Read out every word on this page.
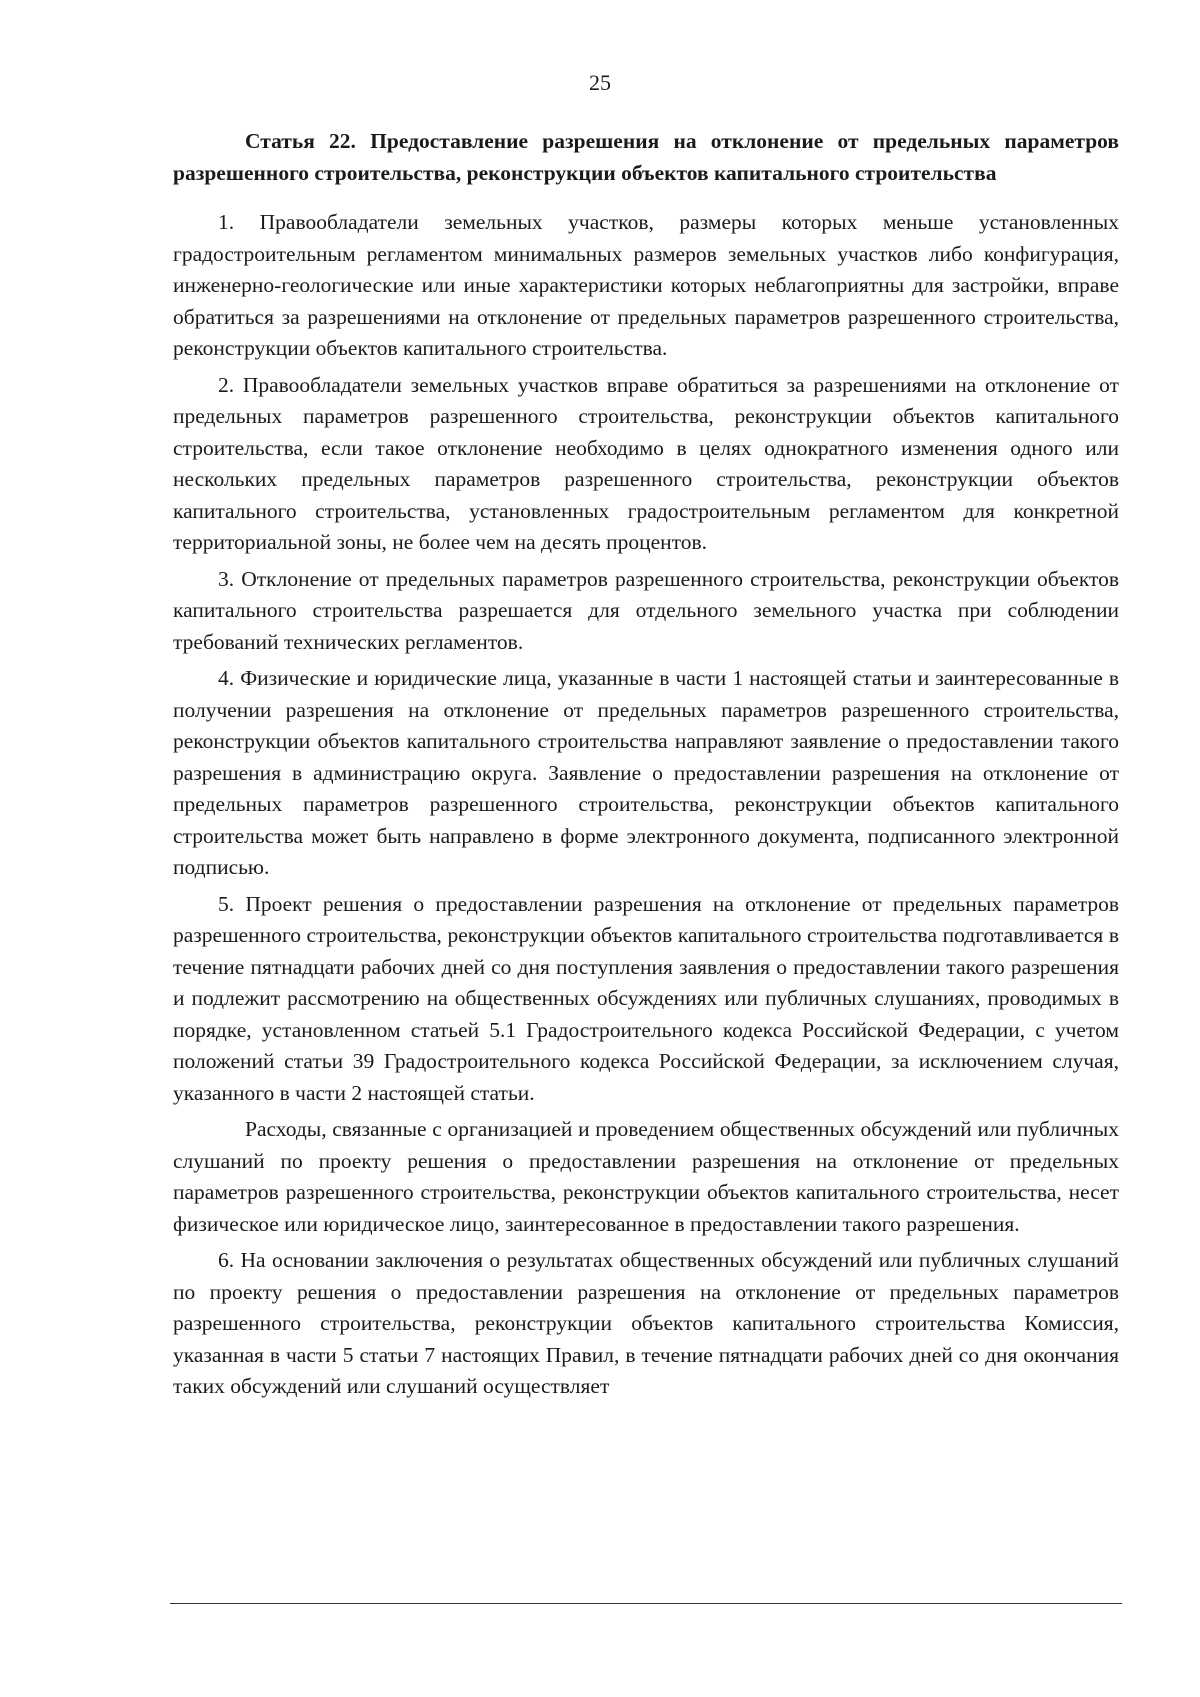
25

Статья 22. Предоставление разрешения на отклонение от предельных параметров разрешенного строительства, реконструкции объектов капитального строительства

1. Правообладатели земельных участков, размеры которых меньше установленных градостроительным регламентом минимальных размеров земельных участков либо конфигурация, инженерно-геологические или иные характеристики которых неблагоприятны для застройки, вправе обратиться за разрешениями на отклонение от предельных параметров разрешенного строительства, реконструкции объектов капитального строительства.

2. Правообладатели земельных участков вправе обратиться за разрешениями на отклонение от предельных параметров разрешенного строительства, реконструкции объектов капитального строительства, если такое отклонение необходимо в целях однократного изменения одного или нескольких предельных параметров разрешенного строительства, реконструкции объектов капитального строительства, установленных градостроительным регламентом для конкретной территориальной зоны, не более чем на десять процентов.

3. Отклонение от предельных параметров разрешенного строительства, реконструкции объектов капитального строительства разрешается для отдельного земельного участка при соблюдении требований технических регламентов.

4. Физические и юридические лица, указанные в части 1 настоящей статьи и заинтересованные в получении разрешения на отклонение от предельных параметров разрешенного строительства, реконструкции объектов капитального строительства направляют заявление о предоставлении такого разрешения в администрацию округа. Заявление о предоставлении разрешения на отклонение от предельных параметров разрешенного строительства, реконструкции объектов капитального строительства может быть направлено в форме электронного документа, подписанного электронной подписью.

5. Проект решения о предоставлении разрешения на отклонение от предельных параметров разрешенного строительства, реконструкции объектов капитального строительства подготавливается в течение пятнадцати рабочих дней со дня поступления заявления о предоставлении такого разрешения и подлежит рассмотрению на общественных обсуждениях или публичных слушаниях, проводимых в порядке, установленном статьей 5.1 Градостроительного кодекса Российской Федерации, с учетом положений статьи 39 Градостроительного кодекса Российской Федерации, за исключением случая, указанного в части 2 настоящей статьи.

Расходы, связанные с организацией и проведением общественных обсуждений или публичных слушаний по проекту решения о предоставлении разрешения на отклонение от предельных параметров разрешенного строительства, реконструкции объектов капитального строительства, несет физическое или юридическое лицо, заинтересованное в предоставлении такого разрешения.

6. На основании заключения о результатах общественных обсуждений или публичных слушаний по проекту решения о предоставлении разрешения на отклонение от предельных параметров разрешенного строительства, реконструкции объектов капитального строительства Комиссия, указанная в части 5 статьи 7 настоящих Правил, в течение пятнадцати рабочих дней со дня окончания таких обсуждений или слушаний осуществляет
